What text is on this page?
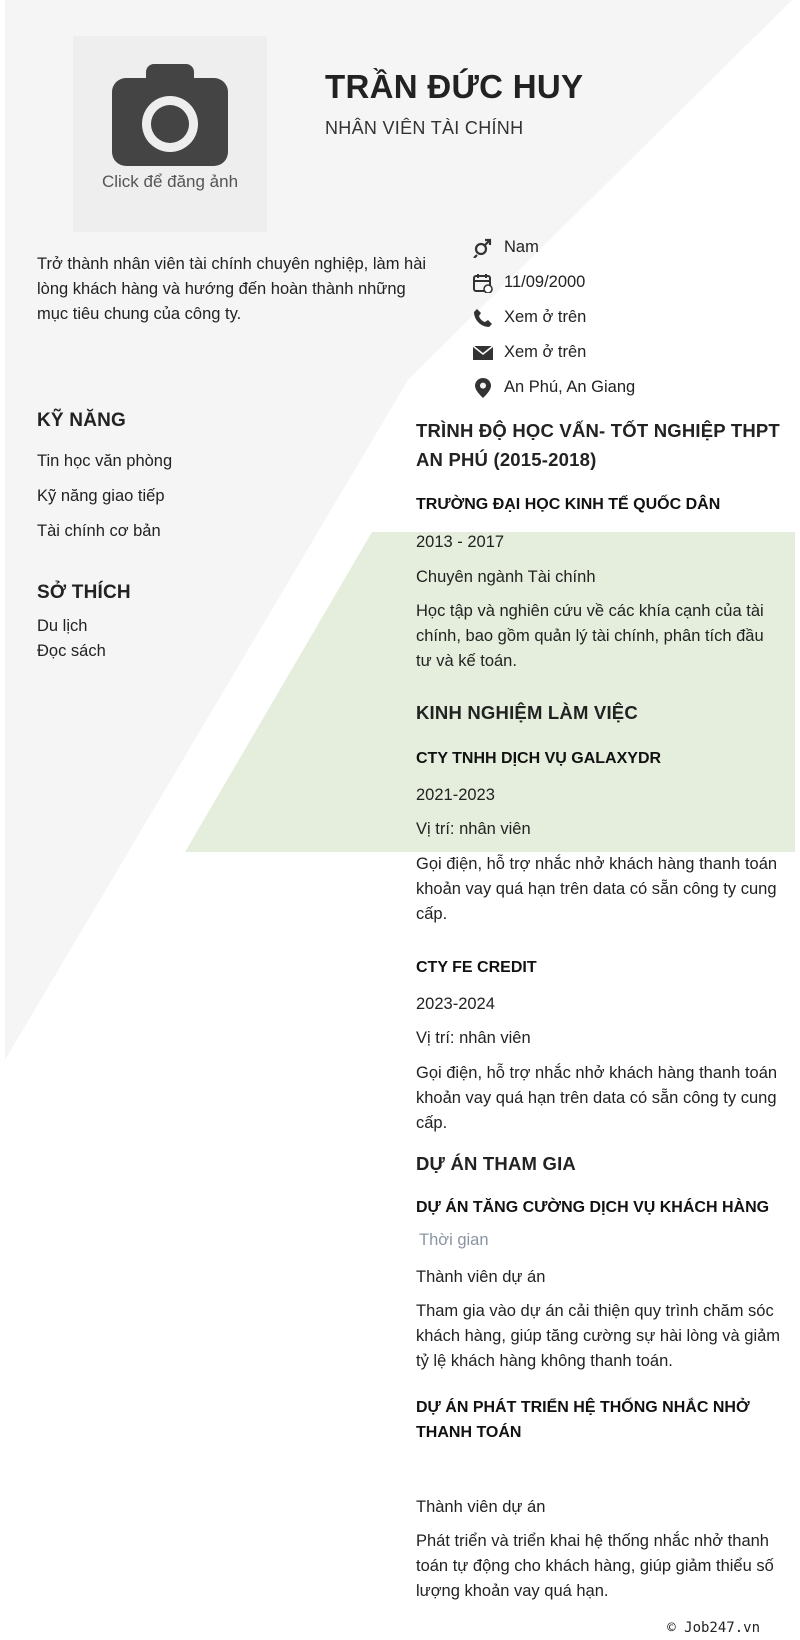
Click để đăng ảnh
TRẦN ĐỨC HUY
NHÂN VIÊN TÀI CHÍNH
Trở thành nhân viên tài chính chuyên nghiệp, làm hài lòng khách hàng và hướng đến hoàn thành những mục tiêu chung của công ty.
Nam
11/09/2000
Xem ở trên
Xem ở trên
An Phú, An Giang
KỸ NĂNG
Tin học văn phòng
Kỹ năng giao tiếp
Tài chính cơ bản
SỞ THÍCH
Du lịch
Đọc sách
TRÌNH ĐỘ HỌC VẤN- TỐT NGHIỆP THPT AN PHÚ (2015-2018)
TRƯỜNG ĐẠI HỌC KINH TẾ QUỐC DÂN
2013 - 2017
Chuyên ngành Tài chính
Học tập và nghiên cứu về các khía cạnh của tài chính, bao gồm quản lý tài chính, phân tích đầu tư và kế toán.
KINH NGHIỆM LÀM VIỆC
CTY TNHH DỊCH VỤ GALAXYDR
2021-2023
Vị trí: nhân viên
Gọi điện, hỗ trợ nhắc nhở khách hàng thanh toán khoản vay quá hạn trên data có sẵn công ty cung cấp.
CTY FE CREDIT
2023-2024
Vị trí: nhân viên
Gọi điện, hỗ trợ nhắc nhở khách hàng thanh toán khoản vay quá hạn trên data có sẵn công ty cung cấp.
DỰ ÁN THAM GIA
DỰ ÁN TĂNG CƯỜNG DỊCH VỤ KHÁCH HÀNG
Thời gian
Thành viên dự án
Tham gia vào dự án cải thiện quy trình chăm sóc khách hàng, giúp tăng cường sự hài lòng và giảm tỷ lệ khách hàng không thanh toán.
DỰ ÁN PHÁT TRIỂN HỆ THỐNG NHẮC NHỞ THANH TOÁN
Thành viên dự án
Phát triển và triển khai hệ thống nhắc nhở thanh toán tự động cho khách hàng, giúp giảm thiểu số lượng khoản vay quá hạn.
© Job247.vn
